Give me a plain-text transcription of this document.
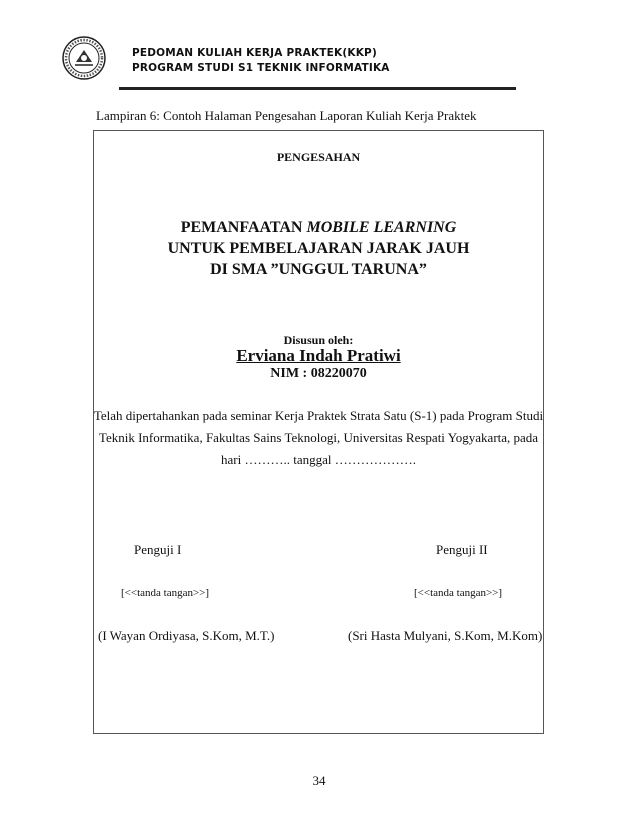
PEDOMAN KULIAH KERJA PRAKTEK(KKP)
PROGRAM STUDI S1 TEKNIK INFORMATIKA
Lampiran 6: Contoh Halaman Pengesahan Laporan Kuliah Kerja Praktek
PENGESAHAN
PEMANFAATAN MOBILE LEARNING
UNTUK PEMBELAJARAN JARAK JAUH
DI SMA ”UNGGUL TARUNA”
Disusun oleh:
Erviana Indah Pratiwi
NIM : 08220070
Telah dipertahankan pada seminar Kerja Praktek Strata Satu (S-1) pada Program Studi
Teknik Informatika, Fakultas Sains Teknologi, Universitas Respati Yogyakarta, pada
hari ……….. tanggal ……………….
Penguji I	Penguji II
[<<tanda tangan>>]	[<<tanda tangan>>]
(I Wayan Ordiyasa, S.Kom, M.T.)	(Sri Hasta Mulyani, S.Kom, M.Kom)
34
